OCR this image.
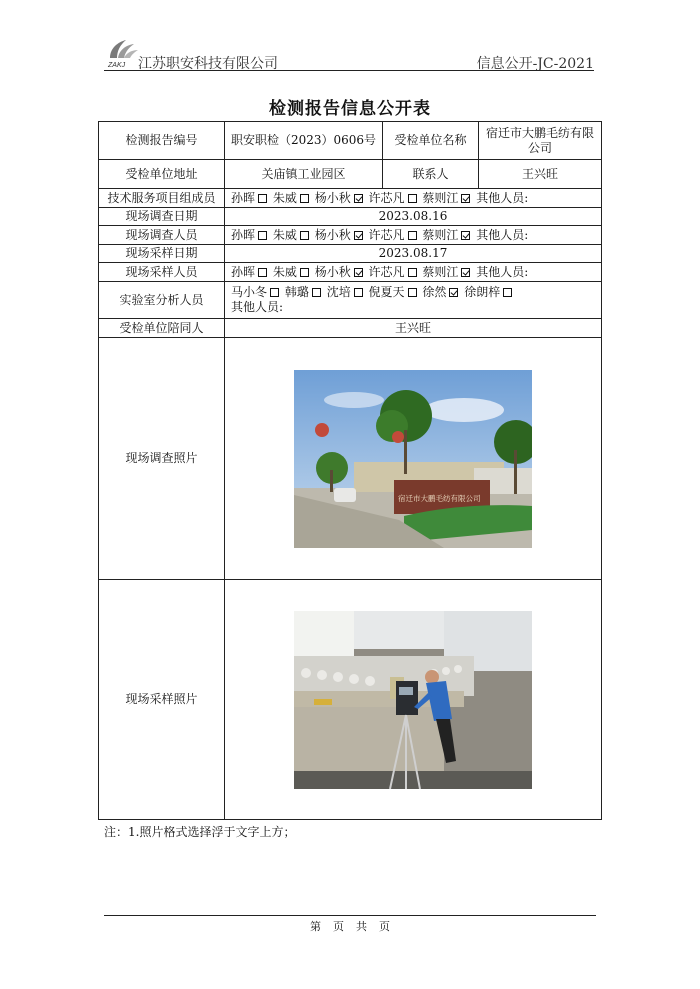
ZAKJ 江苏职安科技有限公司	信息公开-JC-2021
检测报告信息公开表
检测报告编号	职安职检（2023）0606号	受检单位名称	宿迁市大鹏毛纺有限公司
受检单位地址	关庙镇工业园区	联系人	王兴旺
技术服务项目组成员	孙晖 朱威 杨小秋 许芯凡 蔡则江 其他人员:		
现场调查日期	2023.08.16		
现场调查人员	孙晖 朱威 杨小秋 许芯凡 蔡则江 其他人员:		
现场采样日期	2023.08.17		
现场采样人员	孙晖 朱威 杨小秋 许芯凡 蔡则江 其他人员:		
实验室分析人员	马小冬 韩璐 沈培 倪夏天 徐然 徐朗梓
其他人员:		

受检单位陪同人	王兴旺		
现场调查照片	宿迁市大鹏毛纺有限公司		

现场采样照片	
注：1.照片格式选择浮于文字上方；
第 页 共 页
